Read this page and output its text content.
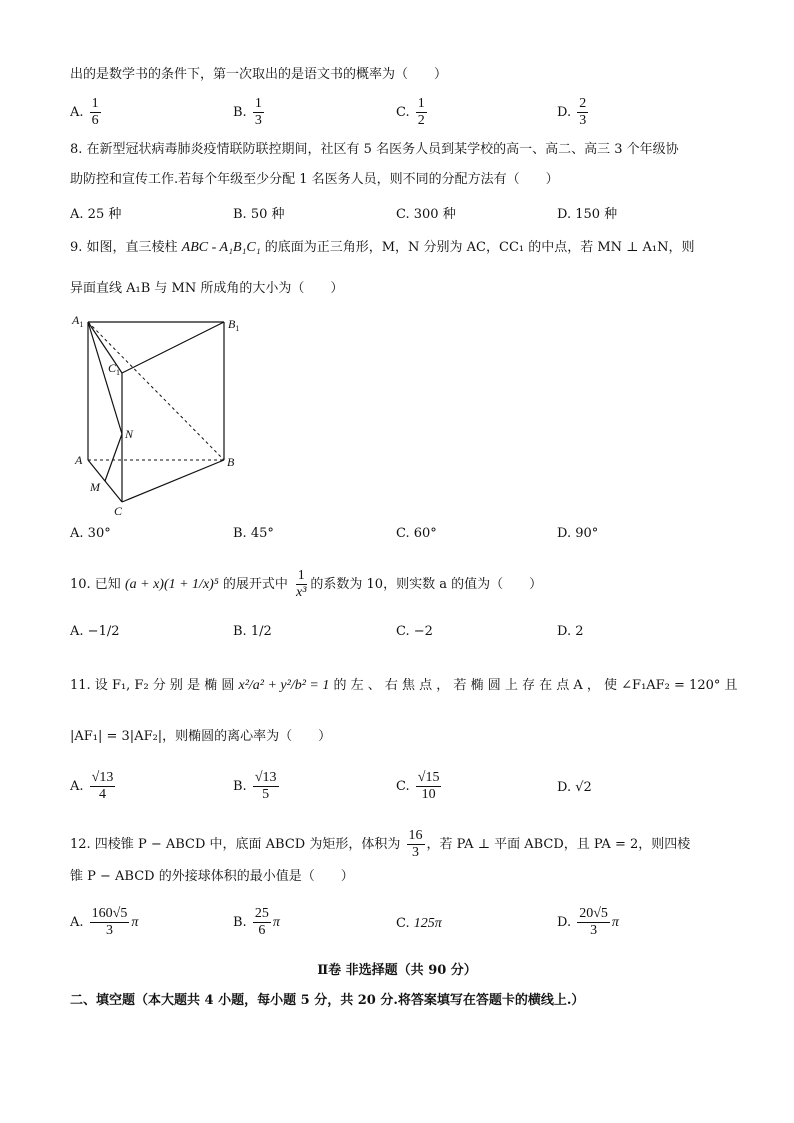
出的是数学书的条件下，第一次取出的是语文书的概率为（　　）
A. $\frac{1}{6}$	B. $\frac{1}{3}$	C. $\frac{1}{2}$	D. $\frac{2}{3}$
8. 在新型冠状病毒肺炎疫情联防联控期间，社区有 5 名医务人员到某学校的高一、高二、高三 3 个年级协
助防控和宣传工作.若每个年级至少分配 1 名医务人员，则不同的分配方法有（　　）
A. 25 种	B. 50 种	C. 300 种	D. 150 种
9. 如图，直三棱柱 ABC - A₁B₁C₁ 的底面为正三角形，M，N 分别为 AC，CC₁ 的中点，若 MN ⊥ A₁N，则
异面直线 A₁B 与 MN 所成角的大小为（　　）
$A_1$	$B_1$
$C_1$
N
A	B
M
C
A. 30°	B. 45°	C. 60°	D. 90°
10. 已知 (a + x)(1 + 1/x)⁵ 的展开式中 $\frac{1}{\text{x³}}$ 的系数为 10，则实数 a 的值为（　　）
A. −1/2	B. 1/2	C. −2	D. 2
11. 设 F₁, F₂ 分 别 是 椭 圆 x²/a² + y²/b² = 1 的 左 、 右 焦 点 ， 若 椭 圆 上 存 在 点 A ， 使 ∠F₁AF₂ = 120° 且
|AF₁| = 3|AF₂|，则椭圆的离心率为（　　）
A. $\frac{√13}{4}$	B. $\frac{√13}{5}$	C. $\frac{√15}{10}$	D. √2
12. 四棱锥 P − ABCD 中，底面 ABCD 为矩形，体积为 $\frac{16}{3}$ ，若 PA ⊥ 平面 ABCD，且 PA = 2，则四棱
锥 P − ABCD 的外接球体积的最小值是（　　）
A. $\frac{160√5}{3}$ π	B. $\frac{25}{6}$ π	C. 125π	D. $\frac{20√5}{3}$ π
Ⅱ卷 非选择题（共 90 分）
二、填空题（本大题共 4 小题，每小题 5 分，共 20 分.将答案填写在答题卡的横线上.）
